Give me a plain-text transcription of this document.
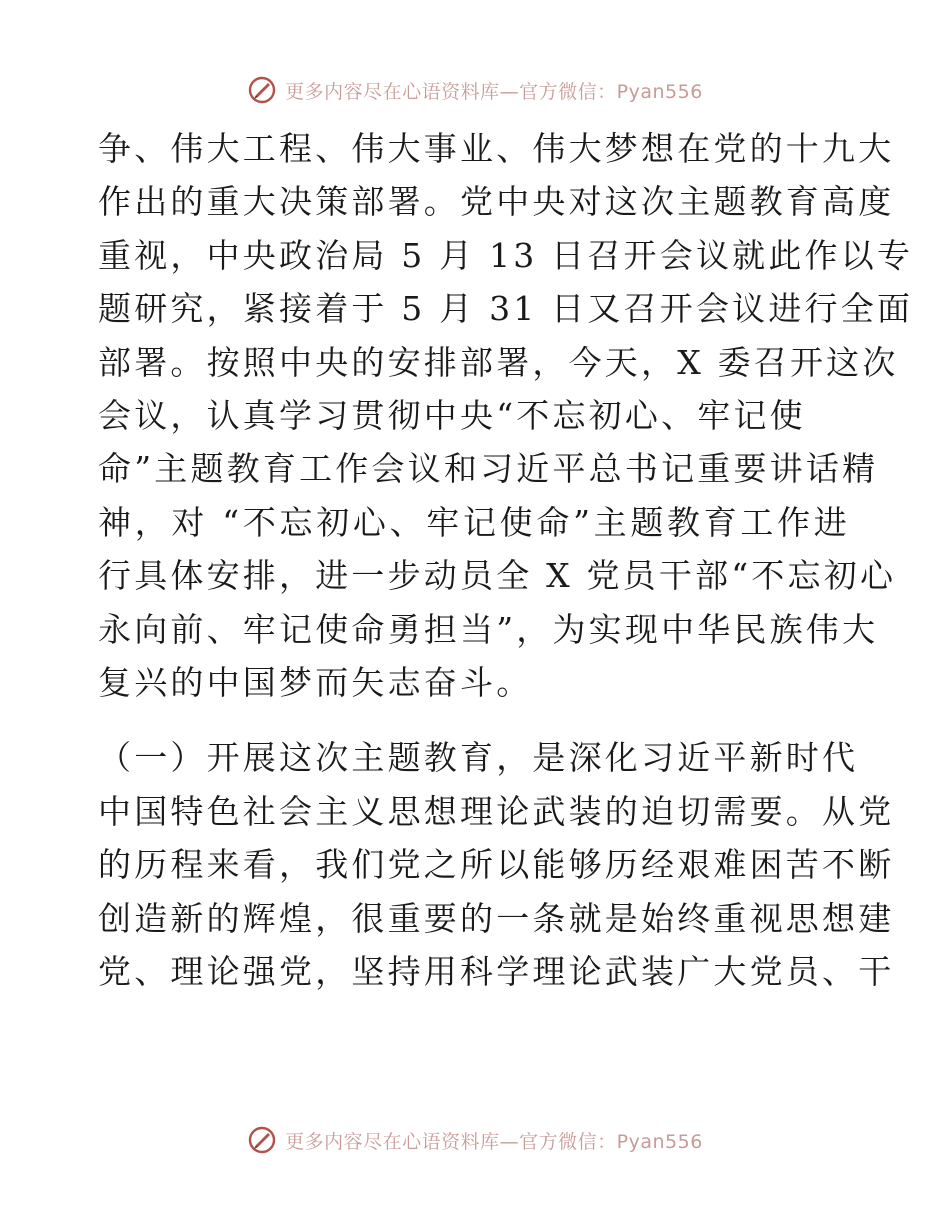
更多内容尽在心语资料库—官方微信：Pyan556

争、伟大工程、伟大事业、伟大梦想在党的十九大
作出的重大决策部署。党中央对这次主题教育高度
重视，中央政治局 5 月 13 日召开会议就此作以专
题研究，紧接着于 5 月 31 日又召开会议进行全面
部署。按照中央的安排部署，今天，X 委召开这次
会议，认真学习贯彻中央“不忘初心、牢记使
命”主题教育工作会议和习近平总书记重要讲话精
神，对 “不忘初心、牢记使命”主题教育工作进
行具体安排，进一步动员全 X 党员干部“不忘初心
永向前、牢记使命勇担当”，为实现中华民族伟大
复兴的中国梦而矢志奋斗。

（一）开展这次主题教育，是深化习近平新时代
中国特色社会主义思想理论武装的迫切需要。从党
的历程来看，我们党之所以能够历经艰难困苦不断
创造新的辉煌，很重要的一条就是始终重视思想建
党、理论强党，坚持用科学理论武装广大党员、干

更多内容尽在心语资料库—官方微信：Pyan556
